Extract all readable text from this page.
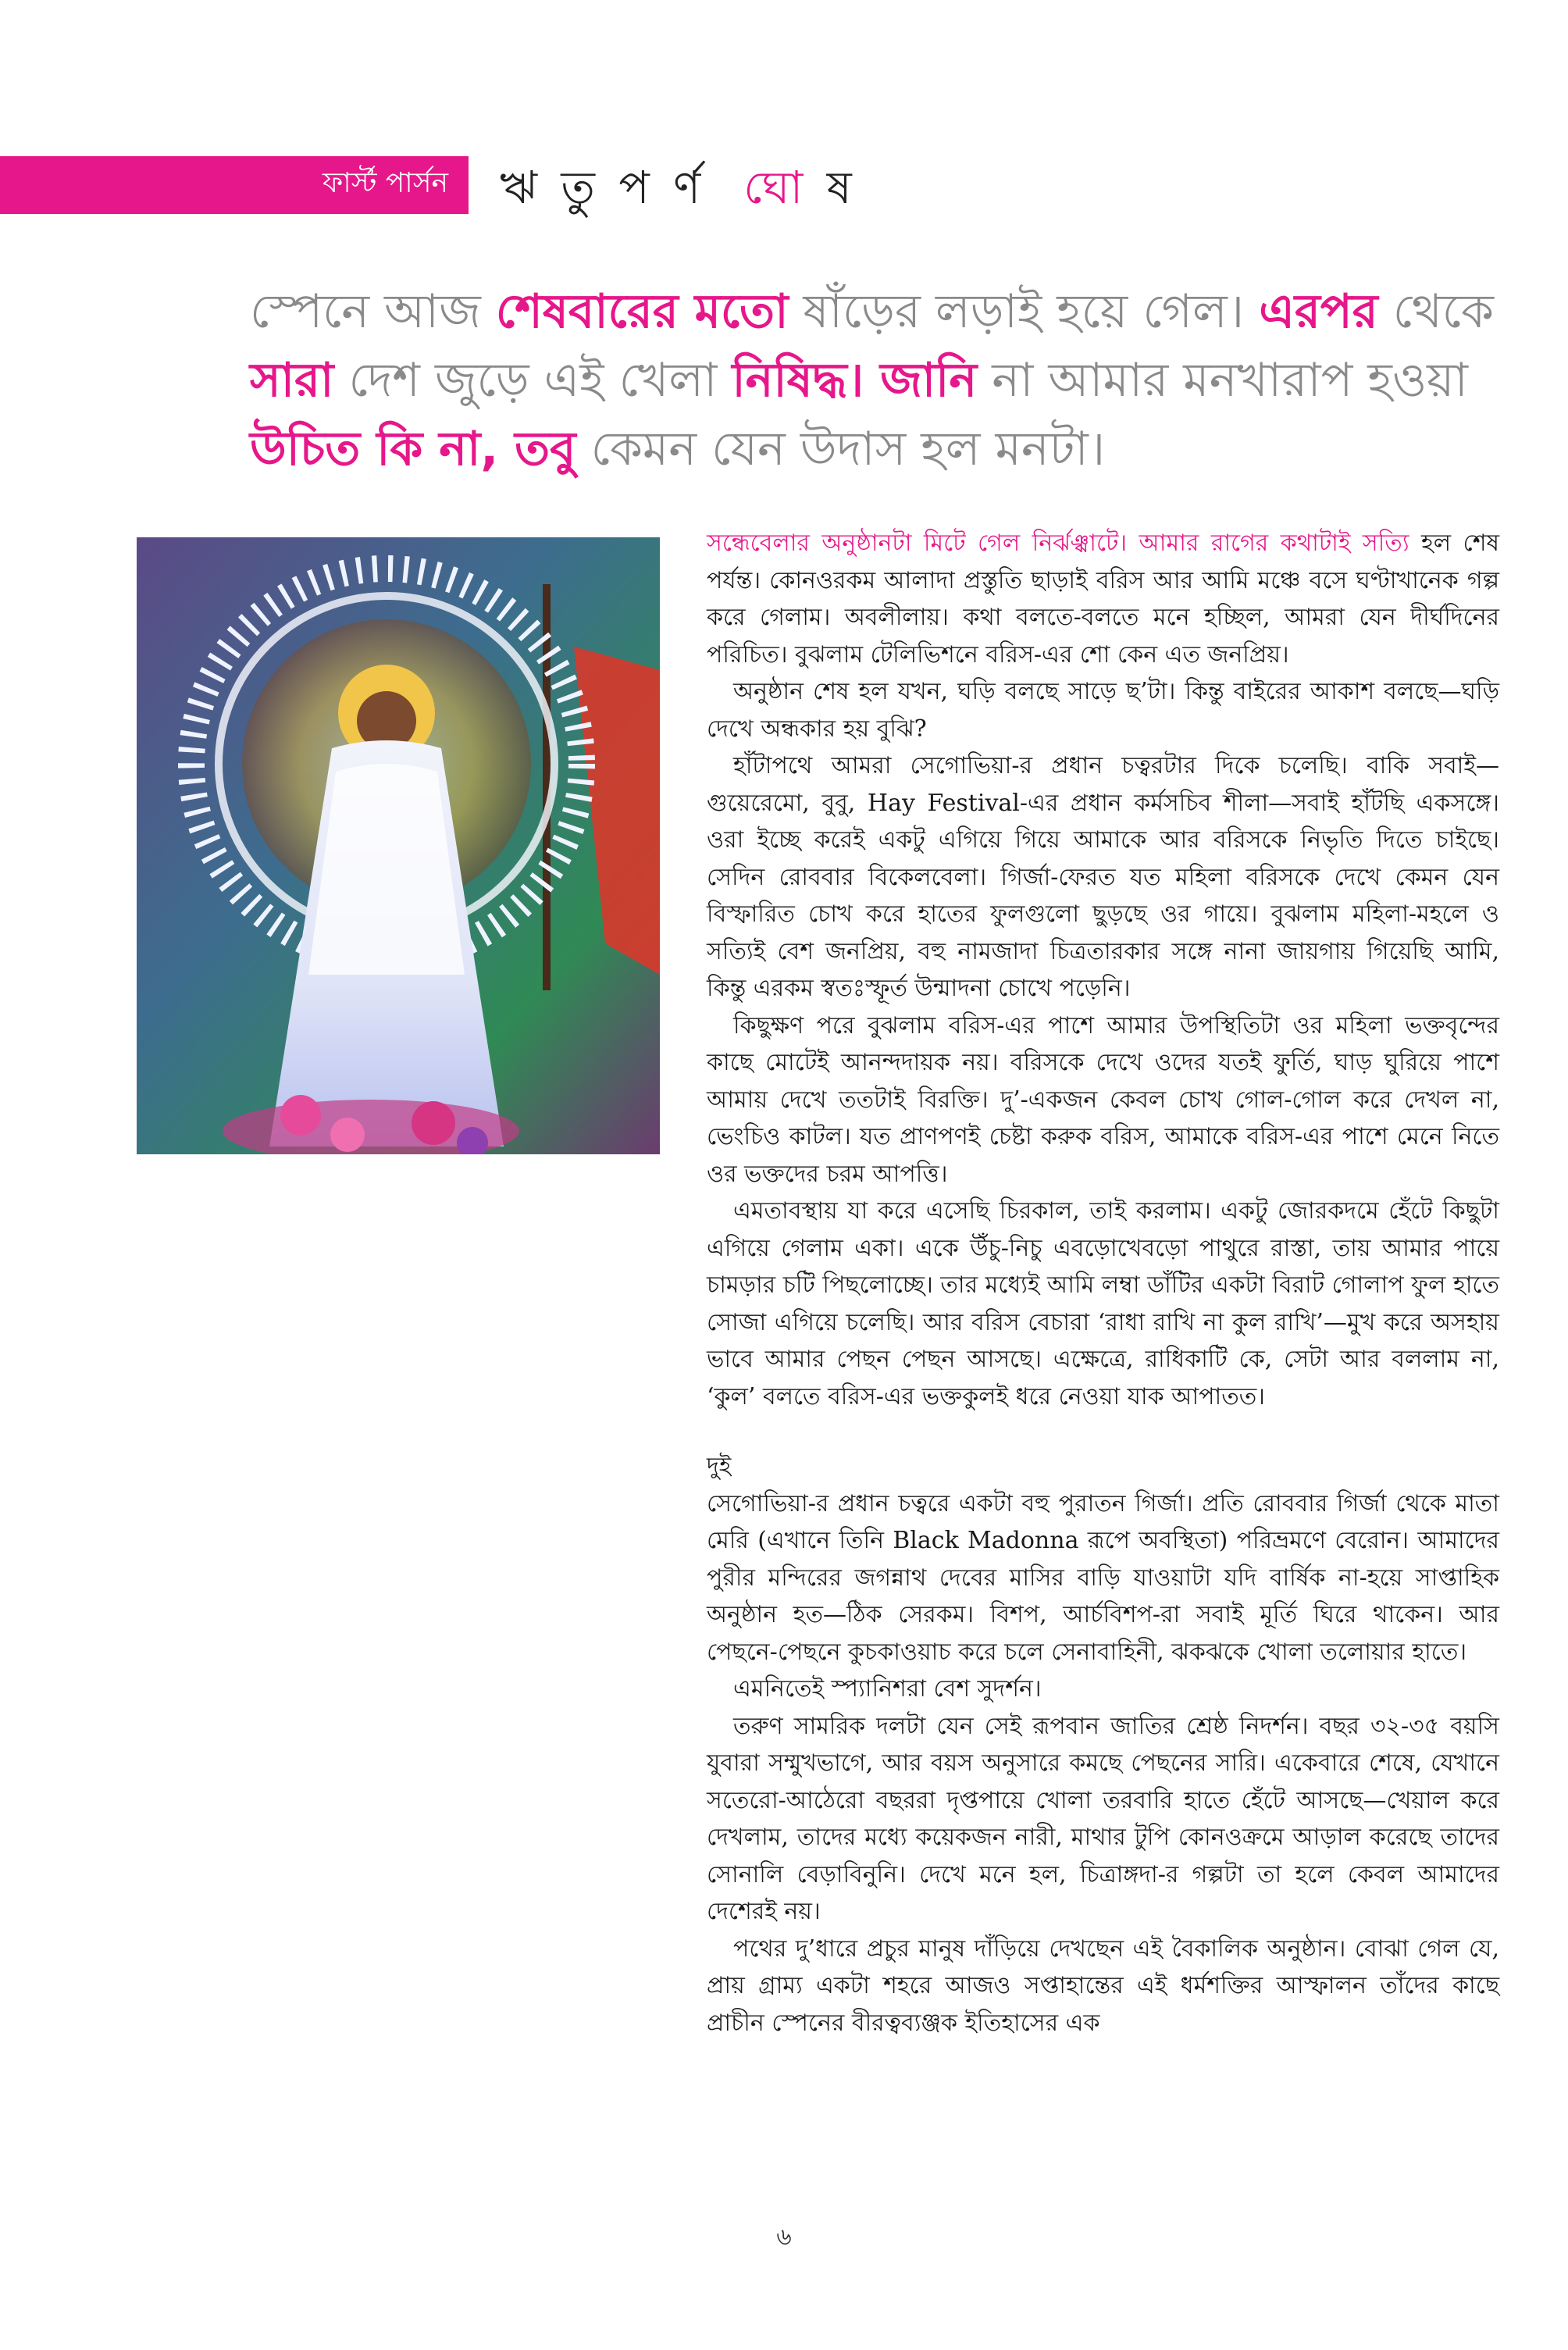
ফার্স্ট পার্সন ঋ তু প র্ণ ঘো ষ
স্পেনে আজ শেষবারের মতো ষাঁড়ের লড়াই হয়ে গেল। এরপর থেকে সারা দেশ জুড়ে এই খেলা নিষিদ্ধ। জানি না আমার মনখারাপ হওয়া উচিত কি না, তবু কেমন যেন উদাস হল মনটা।

সন্ধেবেলার অনুষ্ঠানটা মিটে গেল নির্ঝঞ্ঝাটে। আমার রাগের কথাটাই সত্যি হল শেষ পর্যন্ত। কোনওরকম আলাদা প্রস্তুতি ছাড়াই বরিস আর আমি মঞ্চে বসে ঘণ্টাখানেক গল্প করে গেলাম। অবলীলায়। কথা বলতে-বলতে মনে হচ্ছিল, আমরা যেন দীর্ঘদিনের পরিচিত। বুঝলাম টেলিভিশনে বরিস-এর শো কেন এত জনপ্রিয়।

অনুষ্ঠান শেষ হল যখন, ঘড়ি বলছে সাড়ে ছ’টা। কিন্তু বাইরের আকাশ বলছে—ঘড়ি দেখে অন্ধকার হয় বুঝি?

হাঁটাপথে আমরা সেগোভিয়া-র প্রধান চত্বরটার দিকে চলেছি। বাকি সবাই—গুয়েরেমো, বুবু, Hay Festival-এর প্রধান কর্মসচিব শীলা—সবাই হাঁটছি একসঙ্গে। ওরা ইচ্ছে করেই একটু এগিয়ে গিয়ে আমাকে আর বরিসকে নিভৃতি দিতে চাইছে। সেদিন রোববার বিকেলবেলা। গির্জা-ফেরত যত মহিলা বরিসকে দেখে কেমন যেন বিস্ফারিত চোখ করে হাতের ফুলগুলো ছুড়ছে ওর গায়ে। বুঝলাম মহিলা-মহলে ও সত্যিই বেশ জনপ্রিয়, বহু নামজাদা চিত্রতারকার সঙ্গে নানা জায়গায় গিয়েছি আমি, কিন্তু এরকম স্বতঃস্ফূর্ত উন্মাদনা চোখে পড়েনি।

কিছুক্ষণ পরে বুঝলাম বরিস-এর পাশে আমার উপস্থিতিটা ওর মহিলা ভক্তবৃন্দের কাছে মোটেই আনন্দদায়ক নয়। বরিসকে দেখে ওদের যতই ফুর্তি, ঘাড় ঘুরিয়ে পাশে আমায় দেখে ততটাই বিরক্তি। দু’-একজন কেবল চোখ গোল-গোল করে দেখল না, ভেংচিও কাটল। যত প্রাণপণই চেষ্টা করুক বরিস, আমাকে বরিস-এর পাশে মেনে নিতে ওর ভক্তদের চরম আপত্তি।

এমতাবস্থায় যা করে এসেছি চিরকাল, তাই করলাম। একটু জোরকদমে হেঁটে কিছুটা এগিয়ে গেলাম একা। একে উঁচু-নিচু এবড়োখেবড়ো পাথুরে রাস্তা, তায় আমার পায়ে চামড়ার চটি পিছলোচ্ছে। তার মধ্যেই আমি লম্বা ডাঁটির একটা বিরাট গোলাপ ফুল হাতে সোজা এগিয়ে চলেছি। আর বরিস বেচারা ‘রাধা রাখি না কুল রাখি’—মুখ করে অসহায় ভাবে আমার পেছন পেছন আসছে। এক্ষেত্রে, রাধিকাটি কে, সেটা আর বললাম না, ‘কুল’ বলতে বরিস-এর ভক্তকুলই ধরে নেওয়া যাক আপাতত।

দুই

সেগোভিয়া-র প্রধান চত্বরে একটা বহু পুরাতন গির্জা। প্রতি রোববার গির্জা থেকে মাতা মেরি (এখানে তিনি Black Madonna রূপে অবস্থিতা) পরিভ্রমণে বেরোন। আমাদের পুরীর মন্দিরের জগন্নাথ দেবের মাসির বাড়ি যাওয়াটা যদি বার্ষিক না-হয়ে সাপ্তাহিক অনুষ্ঠান হত—ঠিক সেরকম। বিশপ, আর্চবিশপ-রা সবাই মূর্তি ঘিরে থাকেন। আর পেছনে-পেছনে কুচকাওয়াচ করে চলে সেনাবাহিনী, ঝকঝকে খোলা তলোয়ার হাতে।

এমনিতেই স্প্যানিশরা বেশ সুদর্শন।

তরুণ সামরিক দলটা যেন সেই রূপবান জাতির শ্রেষ্ঠ নিদর্শন। বছর ৩২-৩৫ বয়সি যুবারা সম্মুখভাগে, আর বয়স অনুসারে কমছে পেছনের সারি। একেবারে শেষে, যেখানে সতেরো-আঠেরো বছররা দৃপ্তপায়ে খোলা তরবারি হাতে হেঁটে আসছে—খেয়াল করে দেখলাম, তাদের মধ্যে কয়েকজন নারী, মাথার টুপি কোনওক্রমে আড়াল করেছে তাদের সোনালি বেড়াবিনুনি। দেখে মনে হল, চিত্রাঙ্গদা-র গল্পটা তা হলে কেবল আমাদের দেশেরই নয়।

পথের দু’ধারে প্রচুর মানুষ দাঁড়িয়ে দেখছেন এই বৈকালিক অনুষ্ঠান। বোঝা গেল যে, প্রায় গ্রাম্য একটা শহরে আজও সপ্তাহান্তের এই ধর্মশক্তির আস্ফালন তাঁদের কাছে প্রাচীন স্পেনের বীরত্বব্যঞ্জক ইতিহাসের এক

৬
